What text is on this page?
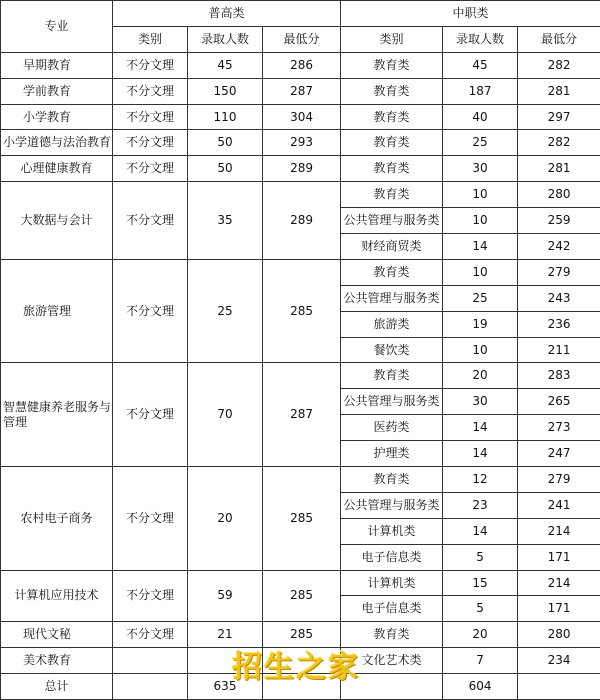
专业	普高类			中职类		
	类别	录取人数	最低分	类别	录取人数	最低分
早期教育	不分文理	45	286	教育类	45	282
学前教育	不分文理	150	287	教育类	187	281
小学教育	不分文理	110	304	教育类	40	297
小学道德与法治教育	不分文理	50	293	教育类	25	282
心理健康教育	不分文理	50	289	教育类	30	281
大数据与会计	不分文理	35	289	教育类	10	280
				公共管理与服务类	10	259
				财经商贸类	14	242
旅游管理	不分文理	25	285	教育类	10	279
				公共管理与服务类	25	243
				旅游类	19	236
				餐饮类	10	211
智慧健康养老服务与管理	不分文理	70	287	教育类	20	283
				公共管理与服务类	30	265
				医药类	14	273
				护理类	14	247
农村电子商务	不分文理	20	285	教育类	12	279
				公共管理与服务类	23	241
				计算机类	14	214
				电子信息类	5	171
计算机应用技术	不分文理	59	285	计算机类	15	214
				电子信息类	5	171
现代文秘	不分文理	21	285	教育类	20	280
美术教育				文化艺术类	7	234
总计		635			604	
招生之家
